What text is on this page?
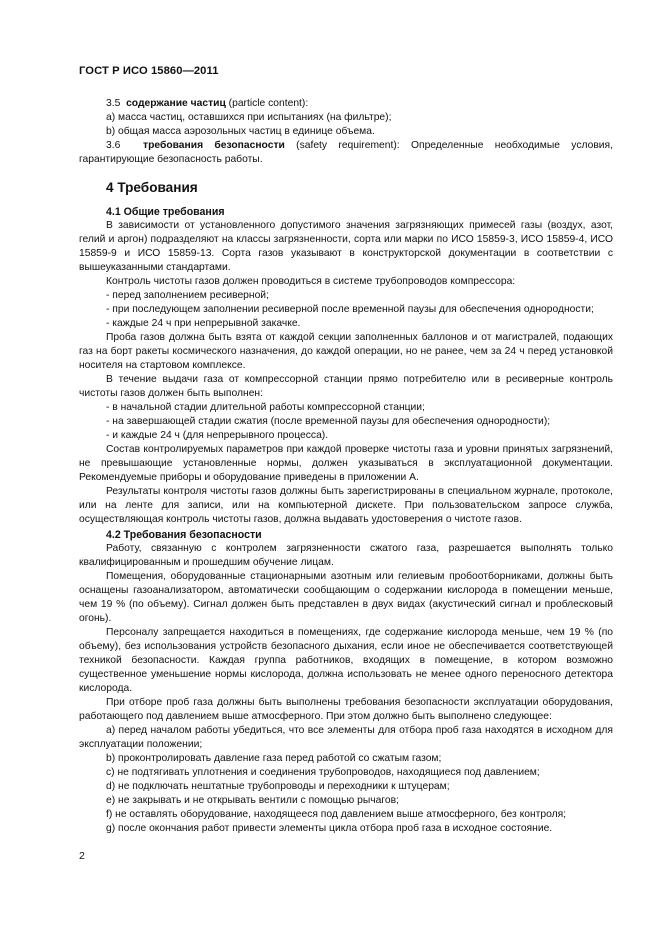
ГОСТ Р ИСО 15860—2011

3.5 содержание частиц (particle content):

a) масса частиц, оставшихся при испытаниях (на фильтре);

b) общая масса аэрозольных частиц в единице объема.

3.6 требования безопасности (safety requirement): Определенные необходимые условия, гарантирующие безопасность работы.

4 Требования
4.1 Общие требования

В зависимости от установленного допустимого значения загрязняющих примесей газы (воздух, азот, гелий и аргон) подразделяют на классы загрязненности, сорта или марки по ИСО 15859-3, ИСО 15859-4, ИСО 15859-9 и ИСО 15859-13. Сорта газов указывают в конструкторской документации в соответствии с вышеуказанными стандартами.

Контроль чистоты газов должен проводиться в системе трубопроводов компрессора:

- перед заполнением ресиверной;

- при последующем заполнении ресиверной после временной паузы для обеспечения однородности;

- каждые 24 ч при непрерывной закачке.

Проба газов должна быть взята от каждой секции заполненных баллонов и от магистралей, подающих газ на борт ракеты космического назначения, до каждой операции, но не ранее, чем за 24 ч перед установкой носителя на стартовом комплексе.

В течение выдачи газа от компрессорной станции прямо потребителю или в ресиверные контроль чистоты газов должен быть выполнен:

- в начальной стадии длительной работы компрессорной станции;

- на завершающей стадии сжатия (после временной паузы для обеспечения однородности);

- и каждые 24 ч (для непрерывного процесса).

Состав контролируемых параметров при каждой проверке чистоты газа и уровни принятых загрязнений, не превышающие установленные нормы, должен указываться в эксплуатационной документации. Рекомендуемые приборы и оборудование приведены в приложении А.

Результаты контроля чистоты газов должны быть зарегистрированы в специальном журнале, протоколе, или на ленте для записи, или на компьютерной дискете. При пользовательском запросе служба, осуществляющая контроль чистоты газов, должна выдавать удостоверения о чистоте газов.

4.2 Требования безопасности

Работу, связанную с контролем загрязненности сжатого газа, разрешается выполнять только квалифицированным и прошедшим обучение лицам.

Помещения, оборудованные стационарными азотным или гелиевым пробоотборниками, должны быть оснащены газоанализатором, автоматически сообщающим о содержании кислорода в помещении меньше, чем 19 % (по объему). Сигнал должен быть представлен в двух видах (акустический сигнал и проблесковый огонь).

Персоналу запрещается находиться в помещениях, где содержание кислорода меньше, чем 19 % (по объему), без использования устройств безопасного дыхания, если иное не обеспечивается соответствующей техникой безопасности. Каждая группа работников, входящих в помещение, в котором возможно существенное уменьшение нормы кислорода, должна использовать не менее одного переносного детектора кислорода.

При отборе проб газа должны быть выполнены требования безопасности эксплуатации оборудования, работающего под давлением выше атмосферного. При этом должно быть выполнено следующее:

a) перед началом работы убедиться, что все элементы для отбора проб газа находятся в исходном для эксплуатации положении;

b) проконтролировать давление газа перед работой со сжатым газом;

c) не подтягивать уплотнения и соединения трубопроводов, находящиеся под давлением;

d) не подключать нештатные трубопроводы и переходники к штуцерам;

e) не закрывать и не открывать вентили с помощью рычагов;

f) не оставлять оборудование, находящееся под давлением выше атмосферного, без контроля;

g) после окончания работ привести элементы цикла отбора проб газа в исходное состояние.

2
